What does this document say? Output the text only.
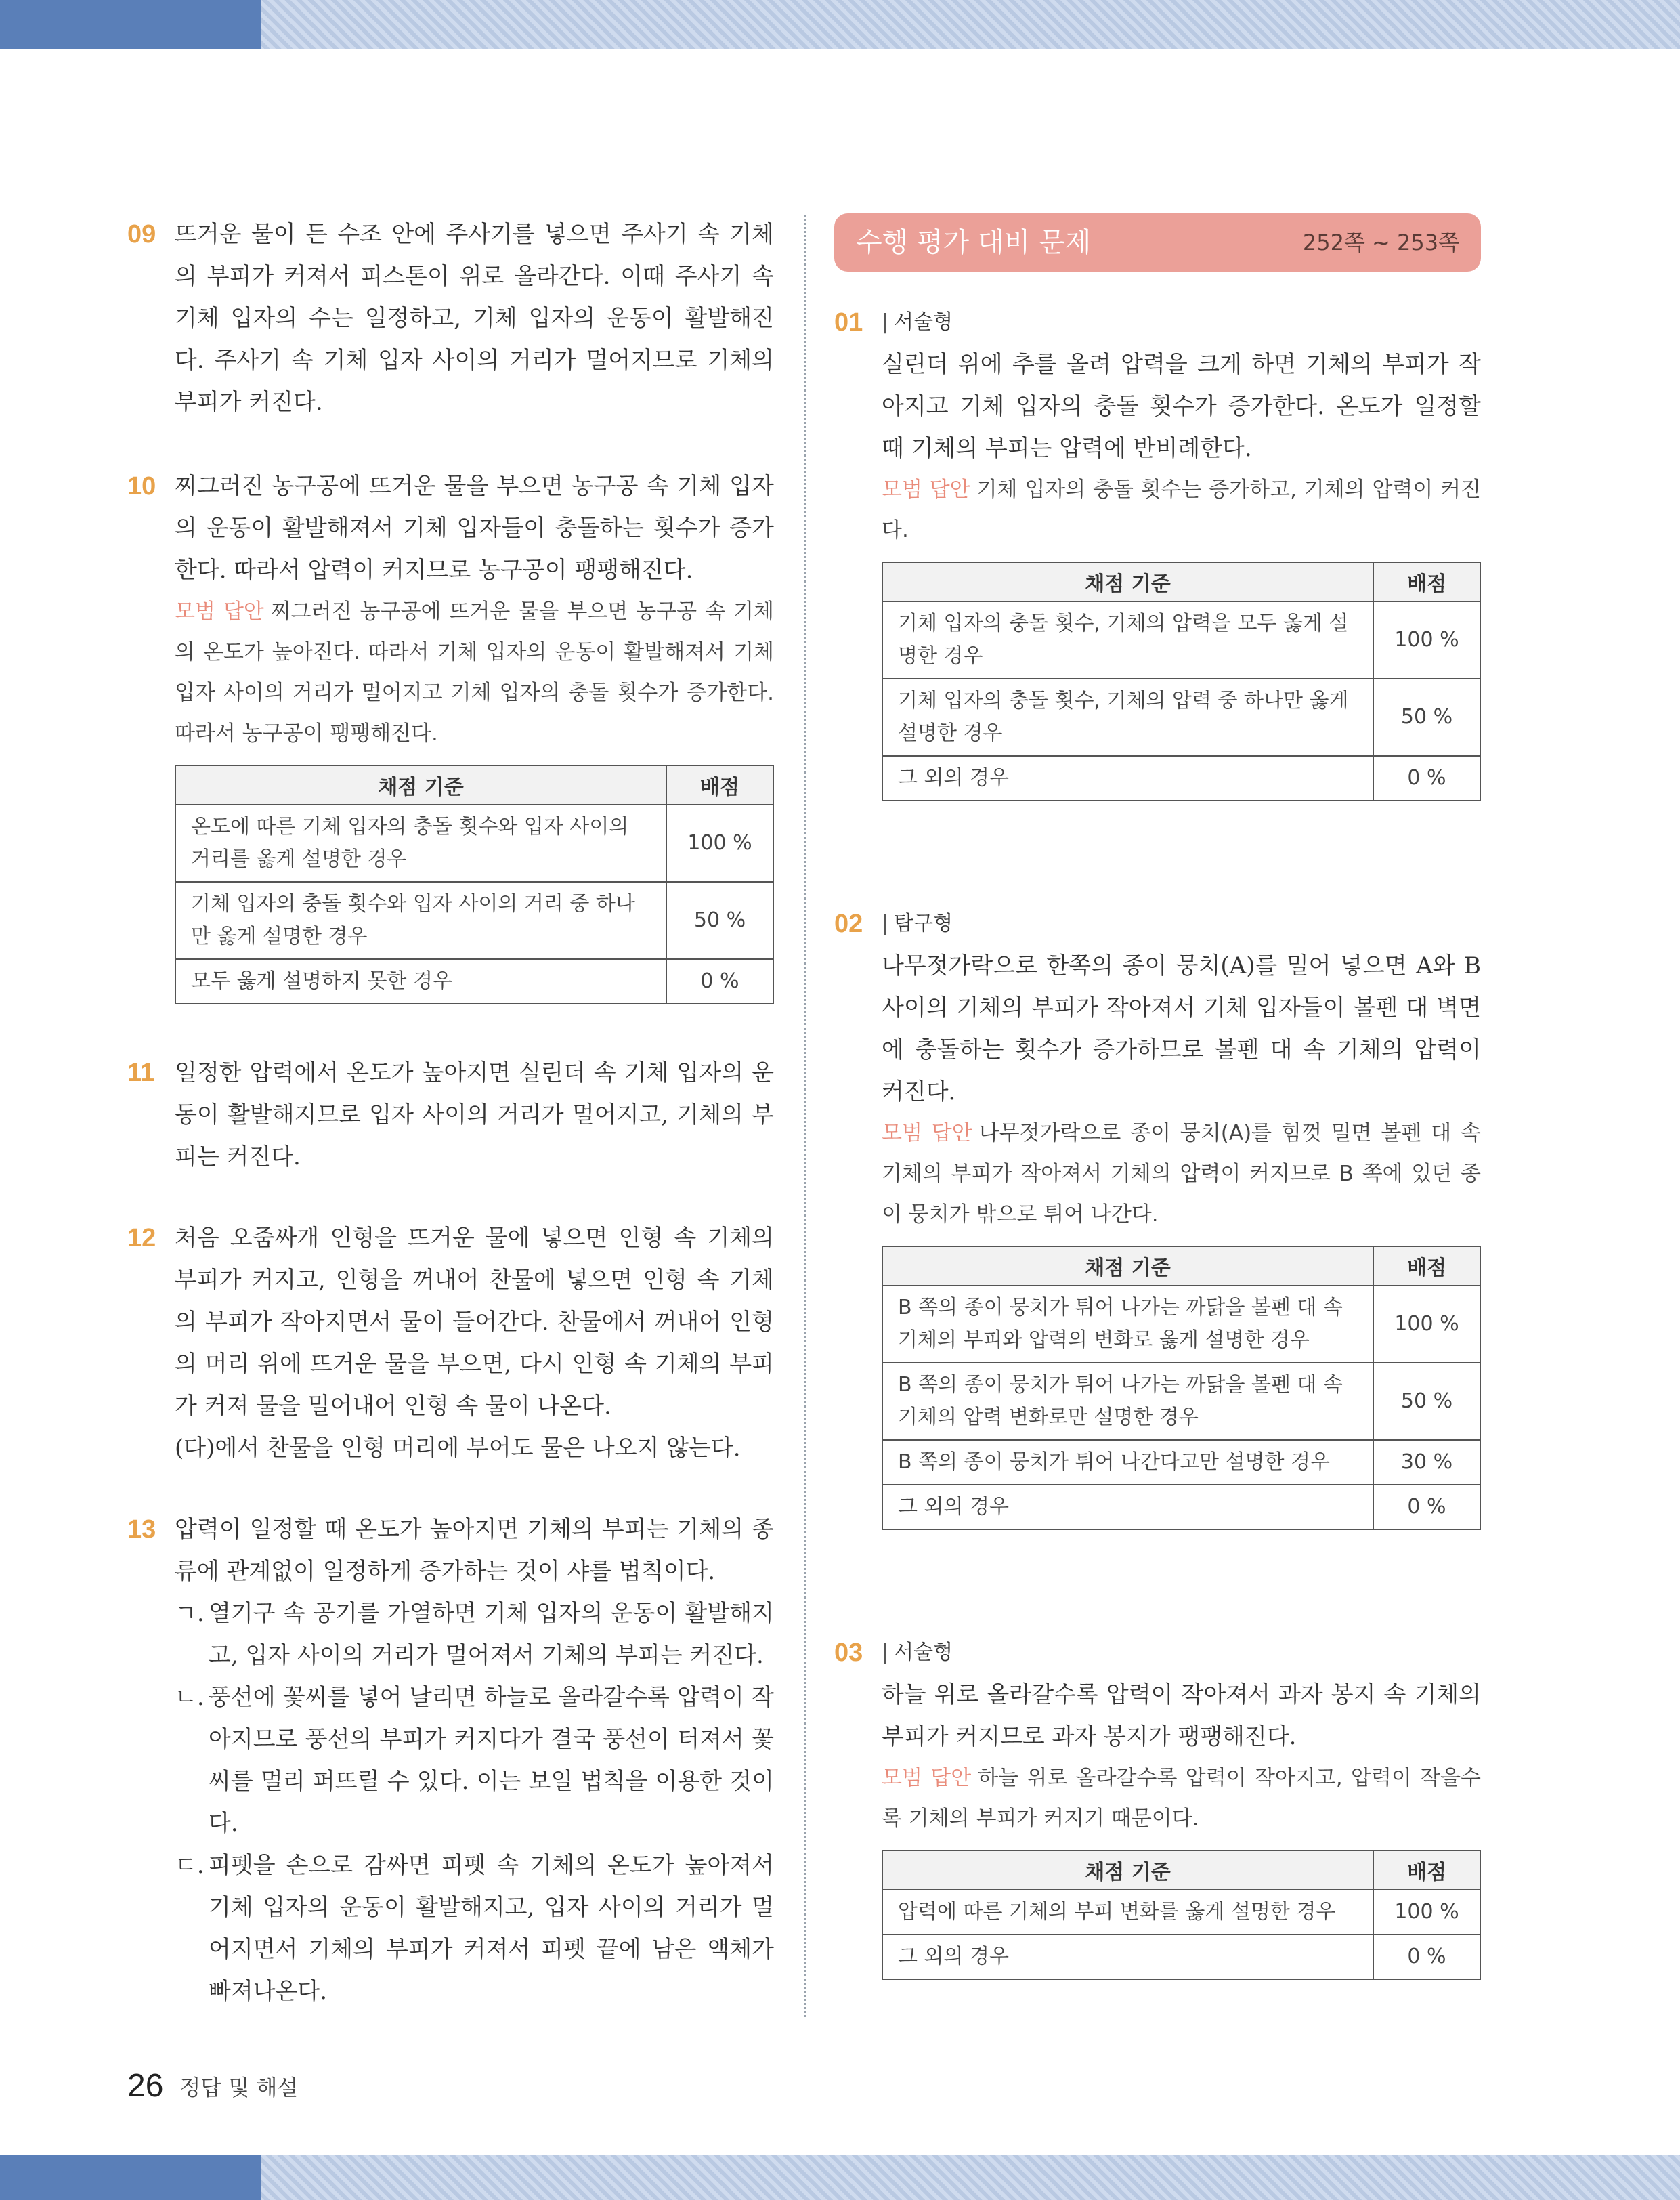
09 뜨거운 물이 든 수조 안에 주사기를 넣으면 주사기 속 기체의 부피가 커져서 피스톤이 위로 올라간다. 이때 주사기 속 기체 입자의 수는 일정하고, 기체 입자의 운동이 활발해진다. 주사기 속 기체 입자 사이의 거리가 멀어지므로 기체의 부피가 커진다.

10 찌그러진 농구공에 뜨거운 물을 부으면 농구공 속 기체 입자의 운동이 활발해져서 기체 입자들이 충돌하는 횟수가 증가한다. 따라서 압력이 커지므로 농구공이 팽팽해진다.

모범 답안 찌그러진 농구공에 뜨거운 물을 부으면 농구공 속 기체의 온도가 높아진다. 따라서 기체 입자의 운동이 활발해져서 기체 입자 사이의 거리가 멀어지고 기체 입자의 충돌 횟수가 증가한다. 따라서 농구공이 팽팽해진다.

채점 기준	배점
온도에 따른 기체 입자의 충돌 횟수와 입자 사이의 거리를 옳게 설명한 경우	100 %
기체 입자의 충돌 횟수와 입자 사이의 거리 중 하나만 옳게 설명한 경우	50 %
모두 옳게 설명하지 못한 경우	0 %
11 일정한 압력에서 온도가 높아지면 실린더 속 기체 입자의 운동이 활발해지므로 입자 사이의 거리가 멀어지고, 기체의 부피는 커진다.

12 처음 오줌싸개 인형을 뜨거운 물에 넣으면 인형 속 기체의 부피가 커지고, 인형을 꺼내어 찬물에 넣으면 인형 속 기체의 부피가 작아지면서 물이 들어간다. 찬물에서 꺼내어 인형의 머리 위에 뜨거운 물을 부으면, 다시 인형 속 기체의 부피가 커져 물을 밀어내어 인형 속 물이 나온다.

(다)에서 찬물을 인형 머리에 부어도 물은 나오지 않는다.

13 압력이 일정할 때 온도가 높아지면 기체의 부피는 기체의 종류에 관계없이 일정하게 증가하는 것이 샤를 법칙이다.

ㄱ. 열기구 속 공기를 가열하면 기체 입자의 운동이 활발해지고, 입자 사이의 거리가 멀어져서 기체의 부피는 커진다.

ㄴ. 풍선에 꽃씨를 넣어 날리면 하늘로 올라갈수록 압력이 작아지므로 풍선의 부피가 커지다가 결국 풍선이 터져서 꽃씨를 멀리 퍼뜨릴 수 있다. 이는 보일 법칙을 이용한 것이다.

ㄷ. 피펫을 손으로 감싸면 피펫 속 기체의 온도가 높아져서 기체 입자의 운동이 활발해지고, 입자 사이의 거리가 멀어지면서 기체의 부피가 커져서 피펫 끝에 남은 액체가 빠져나온다.

수행 평가 대비 문제	252쪽 ~ 253쪽
01	| 서술형

실린더 위에 추를 올려 압력을 크게 하면 기체의 부피가 작아지고 기체 입자의 충돌 횟수가 증가한다. 온도가 일정할 때 기체의 부피는 압력에 반비례한다.

모범 답안 기체 입자의 충돌 횟수는 증가하고, 기체의 압력이 커진다.

채점 기준	배점
기체 입자의 충돌 횟수, 기체의 압력을 모두 옳게 설명한 경우	100 %
기체 입자의 충돌 횟수, 기체의 압력 중 하나만 옳게 설명한 경우	50 %
그 외의 경우	0 %
02	| 탐구형

나무젓가락으로 한쪽의 종이 뭉치(A)를 밀어 넣으면 A와 B 사이의 기체의 부피가 작아져서 기체 입자들이 볼펜 대 벽면에 충돌하는 횟수가 증가하므로 볼펜 대 속 기체의 압력이 커진다.

모범 답안 나무젓가락으로 종이 뭉치(A)를 힘껏 밀면 볼펜 대 속 기체의 부피가 작아져서 기체의 압력이 커지므로 B 쪽에 있던 종이 뭉치가 밖으로 튀어 나간다.

채점 기준	배점
B 쪽의 종이 뭉치가 튀어 나가는 까닭을 볼펜 대 속 기체의 부피와 압력의 변화로 옳게 설명한 경우	100 %
B 쪽의 종이 뭉치가 튀어 나가는 까닭을 볼펜 대 속 기체의 압력 변화로만 설명한 경우	50 %
B 쪽의 종이 뭉치가 튀어 나간다고만 설명한 경우	30 %
그 외의 경우	0 %
03	| 서술형

하늘 위로 올라갈수록 압력이 작아져서 과자 봉지 속 기체의 부피가 커지므로 과자 봉지가 팽팽해진다.

모범 답안 하늘 위로 올라갈수록 압력이 작아지고, 압력이 작을수록 기체의 부피가 커지기 때문이다.

채점 기준	배점
압력에 따른 기체의 부피 변화를 옳게 설명한 경우	100 %
그 외의 경우	0 %
26 정답 및 해설
